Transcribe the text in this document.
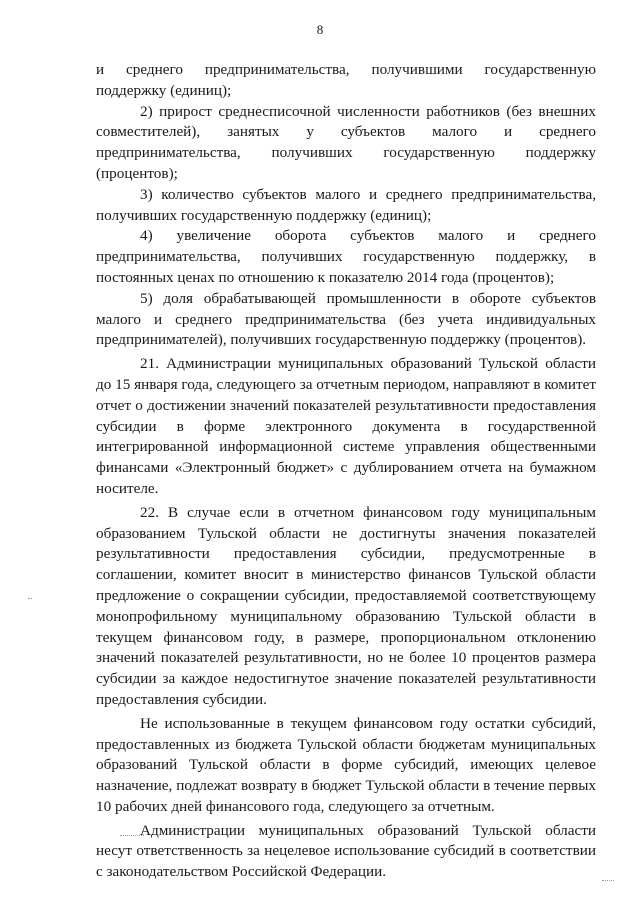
8

и среднего предпринимательства, получившими государственную поддержку (единиц);

2) прирост среднесписочной численности работников (без внешних совместителей), занятых у субъектов малого и среднего предпринимательства, получивших государственную поддержку (процентов);

3) количество субъектов малого и среднего предпринимательства, получивших государственную поддержку (единиц);

4) увеличение оборота субъектов малого и среднего предпринимательства, получивших государственную поддержку, в постоянных ценах по отношению к показателю 2014 года (процентов);

5) доля обрабатывающей промышленности в обороте субъектов малого и среднего предпринимательства (без учета индивидуальных предпринимателей), получивших государственную поддержку (процентов).

21. Администрации муниципальных образований Тульской области до 15 января года, следующего за отчетным периодом, направляют в комитет отчет о достижении значений показателей результативности предоставления субсидии в форме электронного документа в государственной интегрированной информационной системе управления общественными финансами «Электронный бюджет» с дублированием отчета на бумажном носителе.

22. В случае если в отчетном финансовом году муниципальным образованием Тульской области не достигнуты значения показателей результативности предоставления субсидии, предусмотренные в соглашении, комитет вносит в министерство финансов Тульской области предложение о сокращении субсидии, предоставляемой соответствующему монопрофильному муниципальному образованию Тульской области в текущем финансовом году, в размере, пропорциональном отклонению значений показателей результативности, но не более 10 процентов размера субсидии за каждое недостигнутое значение показателей результативности предоставления субсидии.

Не использованные в текущем финансовом году остатки субсидий, предоставленных из бюджета Тульской области бюджетам муниципальных образований Тульской области в форме субсидий, имеющих целевое назначение, подлежат возврату в бюджет Тульской области в течение первых 10 рабочих дней финансового года, следующего за отчетным.

Администрации муниципальных образований Тульской области несут ответственность за нецелевое использование субсидий в соответствии с законодательством Российской Федерации.
